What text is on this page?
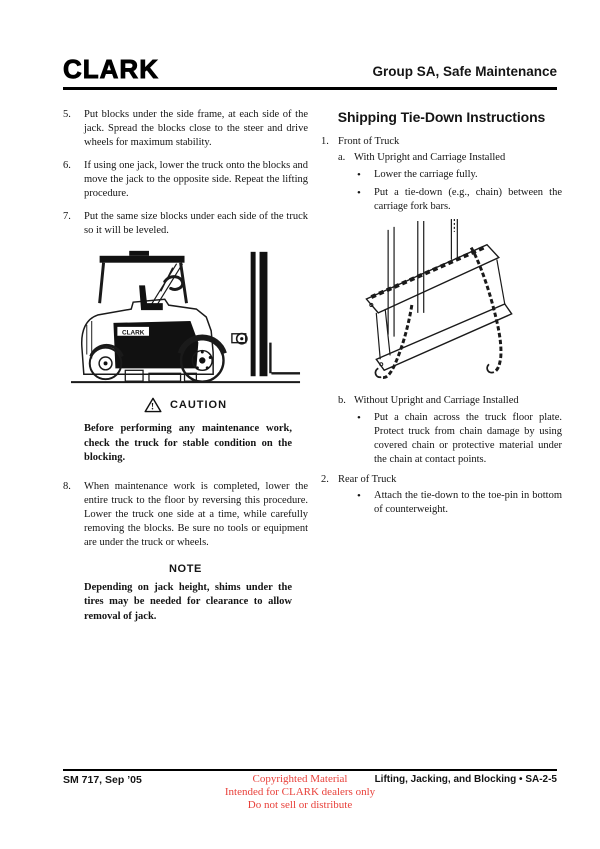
CLARK	Group SA, Safe Maintenance
5.	Put blocks under the side frame, at each side of the jack. Spread the blocks close to the steer and drive wheels for maximum stability.
6.	If using one jack, lower the truck onto the blocks and move the jack to the opposite side. Repeat the lifting procedure.
7.	Put the same size blocks under each side of the truck so it will be leveled.
CLARK
! CAUTION

Before performing any maintenance work, check the truck for stable condition on the blocking.

8.	When maintenance work is completed, lower the entire truck to the floor by reversing this procedure. Lower the truck one side at a time, while carefully removing the blocks. Be sure no tools or equipment are under the truck or wheels.
NOTE

Depending on jack height, shims under the tires may be needed for clearance to allow removal of jack.

Shipping Tie-Down Instructions
1. Front of Truck
a. With Upright and Carriage Installed
•	Lower the carriage fully.
•	Put a tie-down (e.g., chain) between the carriage fork bars.
b. Without Upright and Carriage Installed
•	Put a chain across the truck floor plate. Protect truck from chain damage by using covered chain or protective material under the chain at contact points.
2. Rear of Truck
•	Attach the tie-down to the toe-pin in bottom of counterweight.
SM 717, Sep ’05	Lifting, Jacking, and Blocking • SA-2-5
Copyrighted Material
Intended for CLARK dealers only
Do not sell or distribute
